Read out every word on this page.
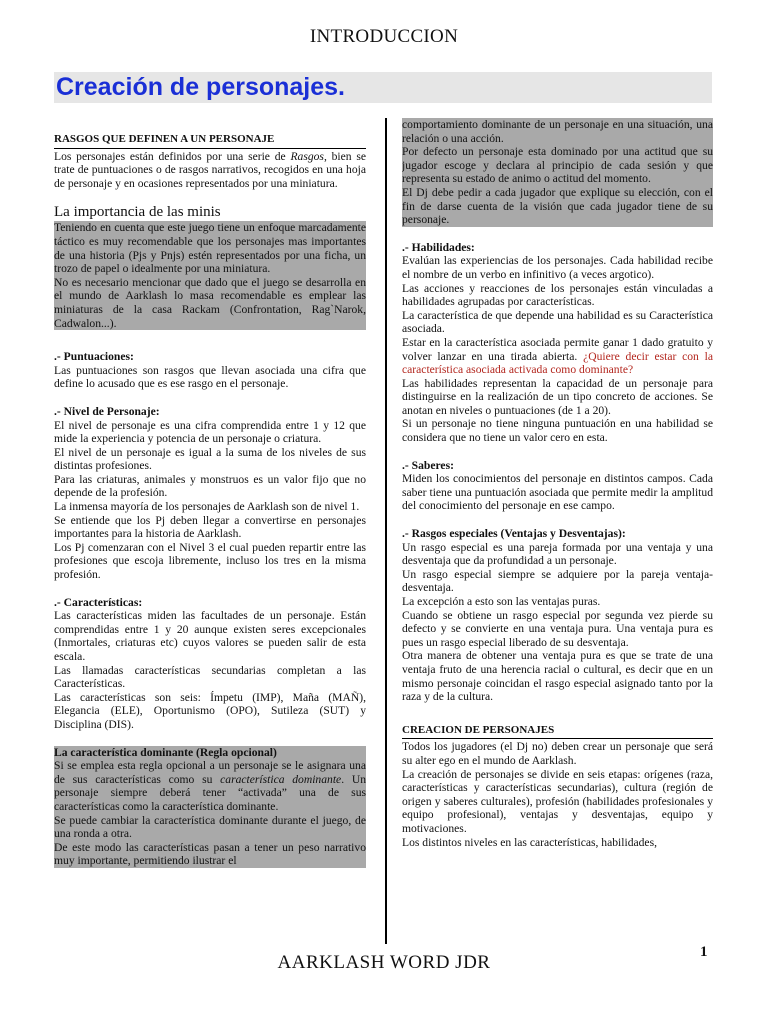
INTRODUCCION
Creación de personajes.
RASGOS QUE DEFINEN A UN PERSONAJE

Los personajes están definidos por una serie de Rasgos, bien se trate de puntuaciones o de rasgos narrativos, recogidos en una hoja de personaje y en ocasiones representados por una miniatura.

La importancia de las minis

Teniendo en cuenta que este juego tiene un enfoque marcadamente táctico es muy recomendable que los personajes mas importantes de una historia (Pjs y Pnjs) estén representados por una ficha, un trozo de papel o idealmente por una miniatura.

No es necesario mencionar que dado que el juego se desarrolla en el mundo de Aarklash lo masa recomendable es emplear las miniaturas de la casa Rackam (Confrontation, Rag`Narok, Cadwalon...).

.- Puntuaciones:

Las puntuaciones son rasgos que llevan asociada una cifra que define lo acusado que es ese rasgo en el personaje.

.- Nivel de Personaje:

El nivel de personaje es una cifra comprendida entre 1 y 12 que mide la experiencia y potencia de un personaje o criatura.

El nivel de un personaje es igual a la suma de los niveles de sus distintas profesiones.

Para las criaturas, animales y monstruos es un valor fijo que no depende de la profesión.

La inmensa mayoría de los personajes de Aarklash son de nivel 1.

Se entiende que los Pj deben llegar a convertirse en personajes importantes para la historia de Aarklash.

Los Pj comenzaran con el Nivel 3 el cual pueden repartir entre las profesiones que escoja libremente, incluso los tres en la misma profesión.

.- Características:

Las características miden las facultades de un personaje. Están comprendidas entre 1 y 20 aunque existen seres excepcionales (Inmortales, criaturas etc) cuyos valores se pueden salir de esta escala.

Las llamadas características secundarias completan a las Características.

Las características son seis: Ímpetu (IMP), Maña (MAÑ), Elegancia (ELE), Oportunismo (OPO), Sutileza (SUT) y Disciplina (DIS).

La característica dominante (Regla opcional)

Si se emplea esta regla opcional a un personaje se le asignara una de sus características como su característica dominante. Un personaje siempre deberá tener “activada” una de sus características como la característica dominante.

Se puede cambiar la característica dominante durante el juego, de una ronda a otra.

De este modo las características pasan a tener un peso narrativo muy importante, permitiendo ilustrar el

comportamiento dominante de un personaje en una situación, una relación o una acción.

Por defecto un personaje esta dominado por una actitud que su jugador escoge y declara al principio de cada sesión y que representa su estado de animo o actitud del momento.

El Dj debe pedir a cada jugador que explique su elección, con el fin de darse cuenta de la visión que cada jugador tiene de su personaje.

.- Habilidades:

Evalúan las experiencias de los personajes. Cada habilidad recibe el nombre de un verbo en infinitivo (a veces argotico).

Las acciones y reacciones de los personajes están vinculadas a habilidades agrupadas por características.

La característica de que depende una habilidad es su Característica asociada.

Estar en la característica asociada permite ganar 1 dado gratuito y volver lanzar en una tirada abierta. ¿Quiere decir estar con la característica asociada activada como dominante?

Las habilidades representan la capacidad de un personaje para distinguirse en la realización de un tipo concreto de acciones. Se anotan en niveles o puntuaciones (de 1 a 20).

Si un personaje no tiene ninguna puntuación en una habilidad se considera que no tiene un valor cero en esta.

.- Saberes:

Miden los conocimientos del personaje en distintos campos. Cada saber tiene una puntuación asociada que permite medir la amplitud del conocimiento del personaje en ese campo.

.- Rasgos especiales (Ventajas y Desventajas):

Un rasgo especial es una pareja formada por una ventaja y una desventaja que da profundidad a un personaje.

Un rasgo especial siempre se adquiere por la pareja ventaja-desventaja.

La excepción a esto son las ventajas puras.

Cuando se obtiene un rasgo especial por segunda vez pierde su defecto y se convierte en una ventaja pura. Una ventaja pura es pues un rasgo especial liberado de su desventaja.

Otra manera de obtener una ventaja pura es que se trate de una ventaja fruto de una herencia racial o cultural, es decir que en un mismo personaje coincidan el rasgo especial asignado tanto por la raza y de la cultura.

CREACION DE PERSONAJES

Todos los jugadores (el Dj no) deben crear un personaje que será su alter ego en el mundo de Aarklash.

La creación de personajes se divide en seis etapas: orígenes (raza, características y características secundarias), cultura (región de origen y saberes culturales), profesión (habilidades profesionales y equipo profesional), ventajas y desventajas, equipo y motivaciones.

Los distintos niveles en las características, habilidades,

AARKLASH WORD JDR	1
